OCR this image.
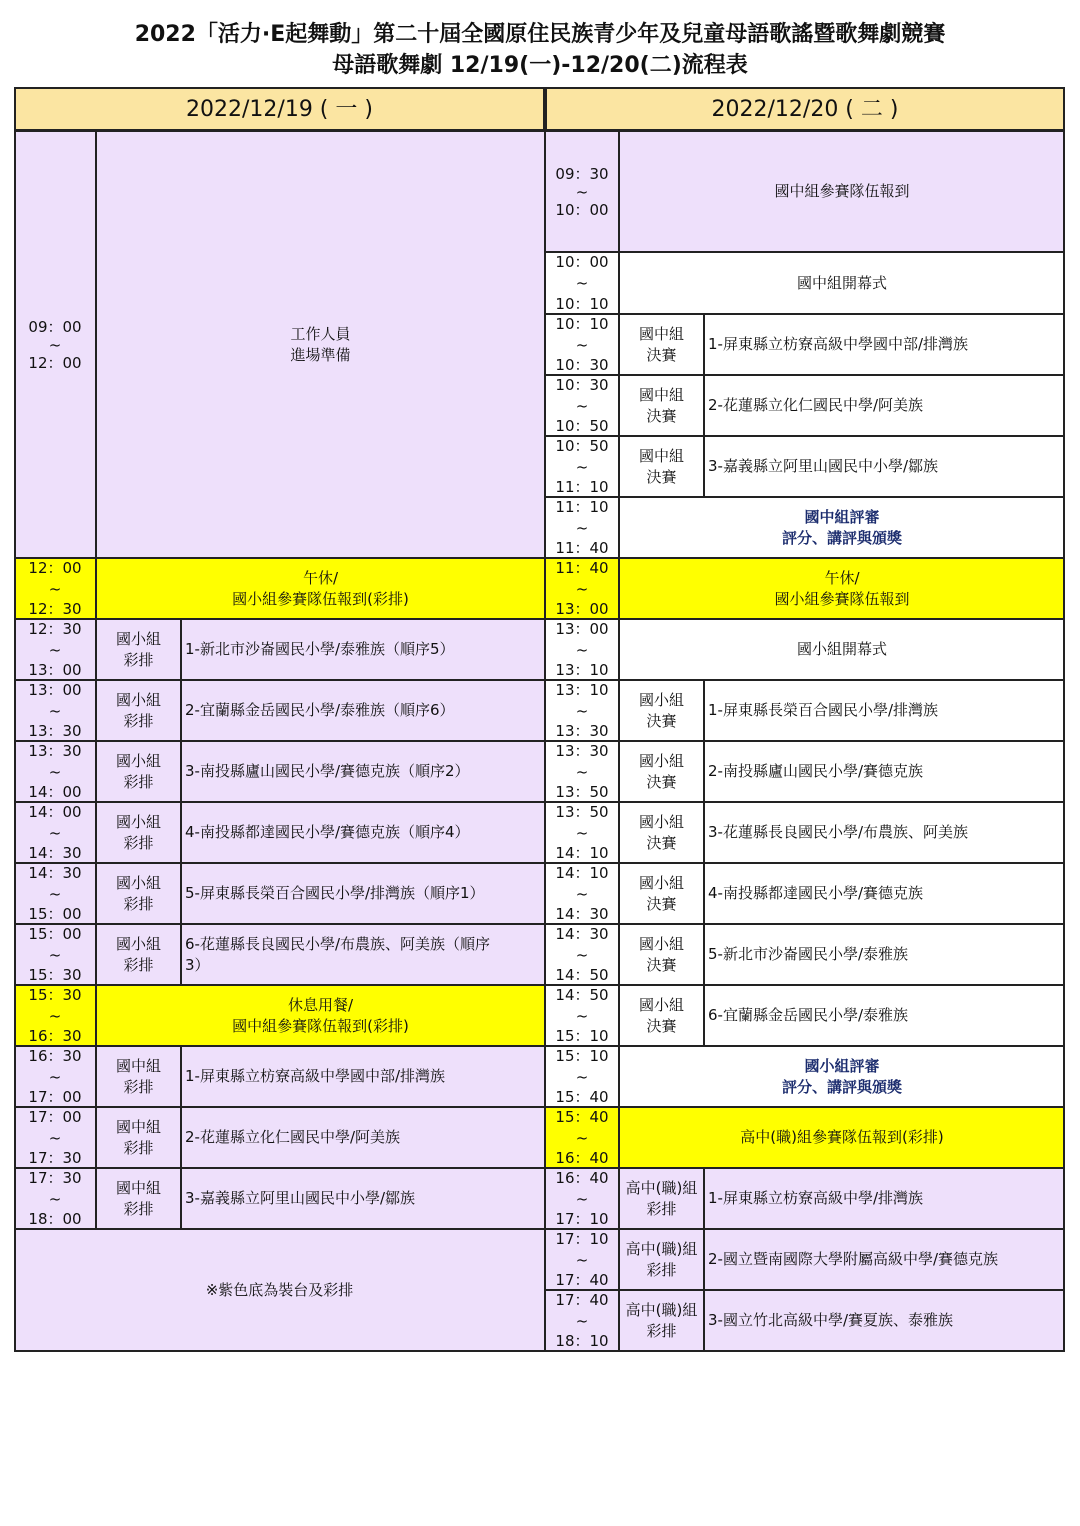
2022「活力·E起舞動」第二十屆全國原住民族青少年及兒童母語歌謠暨歌舞劇競賽
母語歌舞劇 12/19(一)-12/20(二)流程表
2022/12/19 ( 一 )	2022/12/20 ( 二 )
09：00
~
12：00
工作人員
進場準備
12：00
~
12：30
午休/
國小組參賽隊伍報到(彩排)
12：30
~
13：00
國小組
彩排
1-新北市沙崙國民小學/泰雅族（順序5）
13：00
~
13：30
國小組
彩排
2-宜蘭縣金岳國民小學/泰雅族（順序6）
13：30
~
14：00
國小組
彩排
3-南投縣廬山國民小學/賽德克族（順序2）
14：00
~
14：30
國小組
彩排
4-南投縣都達國民小學/賽德克族（順序4）
14：30
~
15：00
國小組
彩排
5-屏東縣長榮百合國民小學/排灣族（順序1）
15：00
~
15：30
國小組
彩排
6-花蓮縣長良國民小學/布農族、阿美族（順序
3）
15：30
~
16：30
休息用餐/
國中組參賽隊伍報到(彩排)
16：30
~
17：00
國中組
彩排
1-屏東縣立枋寮高級中學國中部/排灣族
17：00
~
17：30
國中組
彩排
2-花蓮縣立化仁國民中學/阿美族
17：30
~
18：00
國中組
彩排
3-嘉義縣立阿里山國民中小學/鄒族
※紫色底為裝台及彩排
09：30
~
10：00
國中組參賽隊伍報到
10：00
~
10：10
國中組開幕式
10：10
~
10：30
國中組
決賽
1-屏東縣立枋寮高級中學國中部/排灣族
10：30
~
10：50
國中組
決賽
2-花蓮縣立化仁國民中學/阿美族
10：50
~
11：10
國中組
決賽
3-嘉義縣立阿里山國民中小學/鄒族
11：10
~
11：40
國中組評審
評分、講評與頒獎
11：40
~
13：00
午休/
國小組參賽隊伍報到
13：00
~
13：10
國小組開幕式
13：10
~
13：30
國小組
決賽
1-屏東縣長榮百合國民小學/排灣族
13：30
~
13：50
國小組
決賽
2-南投縣廬山國民小學/賽德克族
13：50
~
14：10
國小組
決賽
3-花蓮縣長良國民小學/布農族、阿美族
14：10
~
14：30
國小組
決賽
4-南投縣都達國民小學/賽德克族
14：30
~
14：50
國小組
決賽
5-新北市沙崙國民小學/泰雅族
14：50
~
15：10
國小組
決賽
6-宜蘭縣金岳國民小學/泰雅族
15：10
~
15：40
國小組評審
評分、講評與頒獎
15：40
~
16：40
高中(職)組參賽隊伍報到(彩排)
16：40
~
17：10
高中(職)組
彩排
1-屏東縣立枋寮高級中學/排灣族
17：10
~
17：40
高中(職)組
彩排
2-國立暨南國際大學附屬高級中學/賽德克族
17：40
~
18：10
高中(職)組
彩排
3-國立竹北高級中學/賽夏族、泰雅族
